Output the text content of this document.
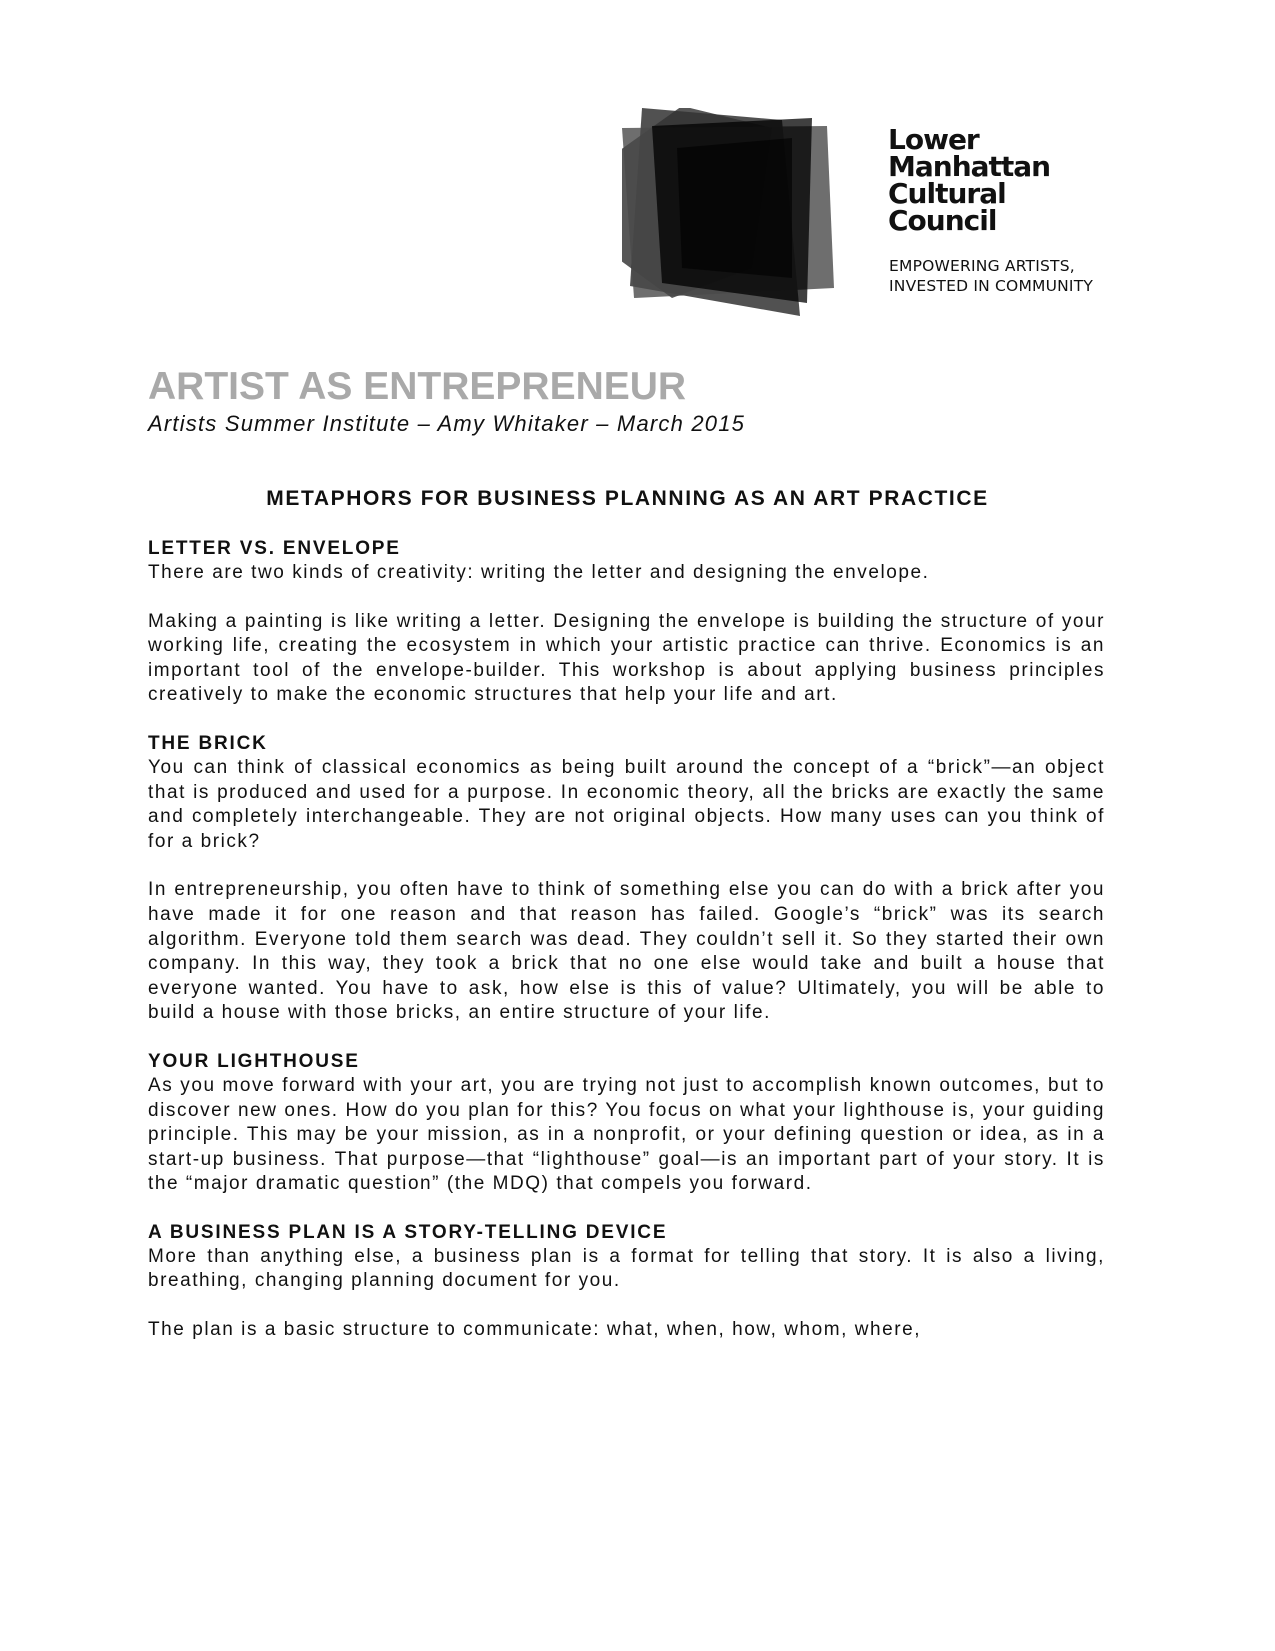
Lower
Manhattan
Cultural
Council
EMPOWERING ARTISTS,
INVESTED IN COMMUNITY
ARTIST AS ENTREPRENEUR

Artists Summer Institute – Amy Whitaker – March 2015

METAPHORS FOR BUSINESS PLANNING AS AN ART PRACTICE
LETTER VS. ENVELOPE

There are two kinds of creativity: writing the letter and designing the envelope.

Making a painting is like writing a letter. Designing the envelope is building the structure of your working life, creating the ecosystem in which your artistic practice can thrive. Economics is an important tool of the envelope-builder. This workshop is about applying business principles creatively to make the economic structures that help your life and art.

THE BRICK

You can think of classical economics as being built around the concept of a “brick”—an object that is produced and used for a purpose. In economic theory, all the bricks are exactly the same and completely interchangeable. They are not original objects. How many uses can you think of for a brick?

In entrepreneurship, you often have to think of something else you can do with a brick after you have made it for one reason and that reason has failed. Google’s “brick” was its search algorithm. Everyone told them search was dead. They couldn’t sell it. So they started their own company. In this way, they took a brick that no one else would take and built a house that everyone wanted. You have to ask, how else is this of value? Ultimately, you will be able to build a house with those bricks, an entire structure of your life.

YOUR LIGHTHOUSE

As you move forward with your art, you are trying not just to accomplish known outcomes, but to discover new ones. How do you plan for this? You focus on what your lighthouse is, your guiding principle. This may be your mission, as in a nonprofit, or your defining question or idea, as in a start-up business. That purpose—that “lighthouse” goal—is an important part of your story. It is the “major dramatic question” (the MDQ) that compels you forward.

A BUSINESS PLAN IS A STORY-TELLING DEVICE

More than anything else, a business plan is a format for telling that story. It is also a living, breathing, changing planning document for you.

The plan is a basic structure to communicate: what, when, how, whom, where,
